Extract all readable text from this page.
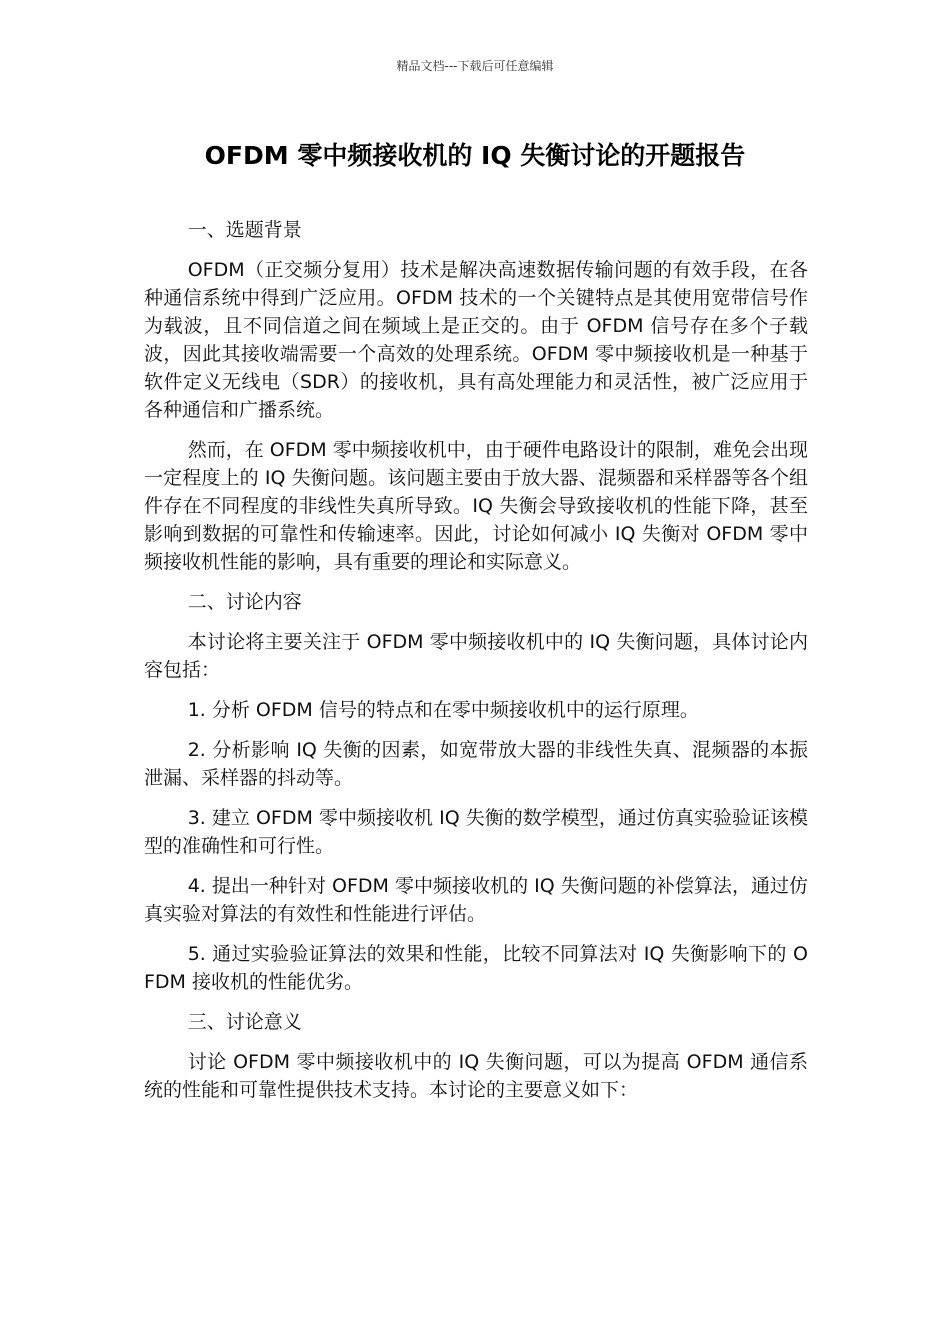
精品文档---下载后可任意编辑
OFDM 零中频接收机的 IQ 失衡讨论的开题报告

一、选题背景

OFDM（正交频分复用）技术是解决高速数据传输问题的有效手段，在各种通信系统中得到广泛应用。OFDM 技术的一个关键特点是其使用宽带信号作为载波，且不同信道之间在频域上是正交的。由于 OFDM 信号存在多个子载波，因此其接收端需要一个高效的处理系统。OFDM 零中频接收机是一种基于软件定义无线电（SDR）的接收机，具有高处理能力和灵活性，被广泛应用于各种通信和广播系统。

然而，在 OFDM 零中频接收机中，由于硬件电路设计的限制，难免会出现一定程度上的 IQ 失衡问题。该问题主要由于放大器、混频器和采样器等各个组件存在不同程度的非线性失真所导致。IQ 失衡会导致接收机的性能下降，甚至影响到数据的可靠性和传输速率。因此，讨论如何减小 IQ 失衡对 OFDM 零中频接收机性能的影响，具有重要的理论和实际意义。

二、讨论内容

本讨论将主要关注于 OFDM 零中频接收机中的 IQ 失衡问题，具体讨论内容包括：

1. 分析 OFDM 信号的特点和在零中频接收机中的运行原理。

2. 分析影响 IQ 失衡的因素，如宽带放大器的非线性失真、混频器的本振泄漏、采样器的抖动等。

3. 建立 OFDM 零中频接收机 IQ 失衡的数学模型，通过仿真实验验证该模型的准确性和可行性。

4. 提出一种针对 OFDM 零中频接收机的 IQ 失衡问题的补偿算法，通过仿真实验对算法的有效性和性能进行评估。

5. 通过实验验证算法的效果和性能，比较不同算法对 IQ 失衡影响下的 OFDM 接收机的性能优劣。

三、讨论意义

讨论 OFDM 零中频接收机中的 IQ 失衡问题，可以为提高 OFDM 通信系统的性能和可靠性提供技术支持。本讨论的主要意义如下：
